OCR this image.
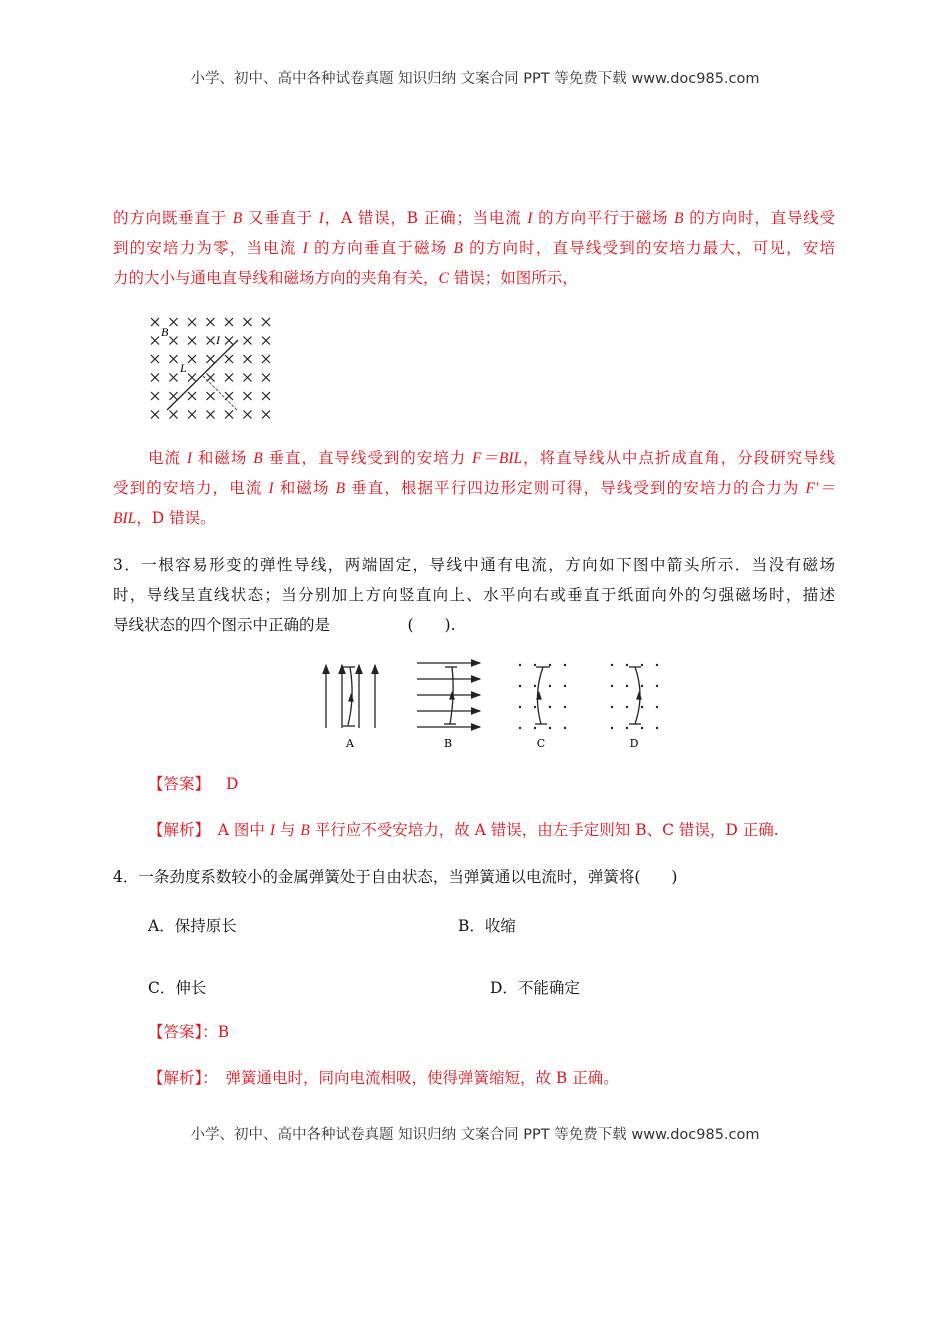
小学、初中、高中各种试卷真题 知识归纳 文案合同 PPT 等免费下载 www.doc985.com
的方向既垂直于 B 又垂直于 I，A 错误，B 正确；当电流 I 的方向平行于磁场 B 的方向时，直导线受
到的安培力为零，当电流 I 的方向垂直于磁场 B 的方向时，直导线受到的安培力最大，可见，安培
力的大小与通电直导线和磁场方向的夹角有关，C 错误；如图所示，
B
I
L
电流 I 和磁场 B 垂直，直导线受到的安培力 F＝BIL，将直导线从中点折成直角，分段研究导线
受到的安培力，电流 I 和磁场 B 垂直，根据平行四边形定则可得，导线受到的安培力的合力为 F′＝
BIL，D 错误。
3．一根容易形变的弹性导线，两端固定，导线中通有电流，方向如下图中箭头所示．当没有磁场
时，导线呈直线状态；当分别加上方向竖直向上、水平向右或垂直于纸面向外的匀强磁场时，描述
导线状态的四个图示中正确的是　　　　　(　　).
A	B	C	D
【答案】 D
【解析】　A 图中 I 与 B 平行应不受安培力，故 A 错误，由左手定则知 B、C 错误，D 正确.
4．一条劲度系数较小的金属弹簧处于自由状态，当弹簧通以电流时，弹簧将(　　)
A．保持原长	B．收缩
C．伸长	D．不能确定
【答案】：B
【解析】：　弹簧通电时，同向电流相吸，使得弹簧缩短，故 B 正确。
小学、初中、高中各种试卷真题 知识归纳 文案合同 PPT 等免费下载 www.doc985.com
